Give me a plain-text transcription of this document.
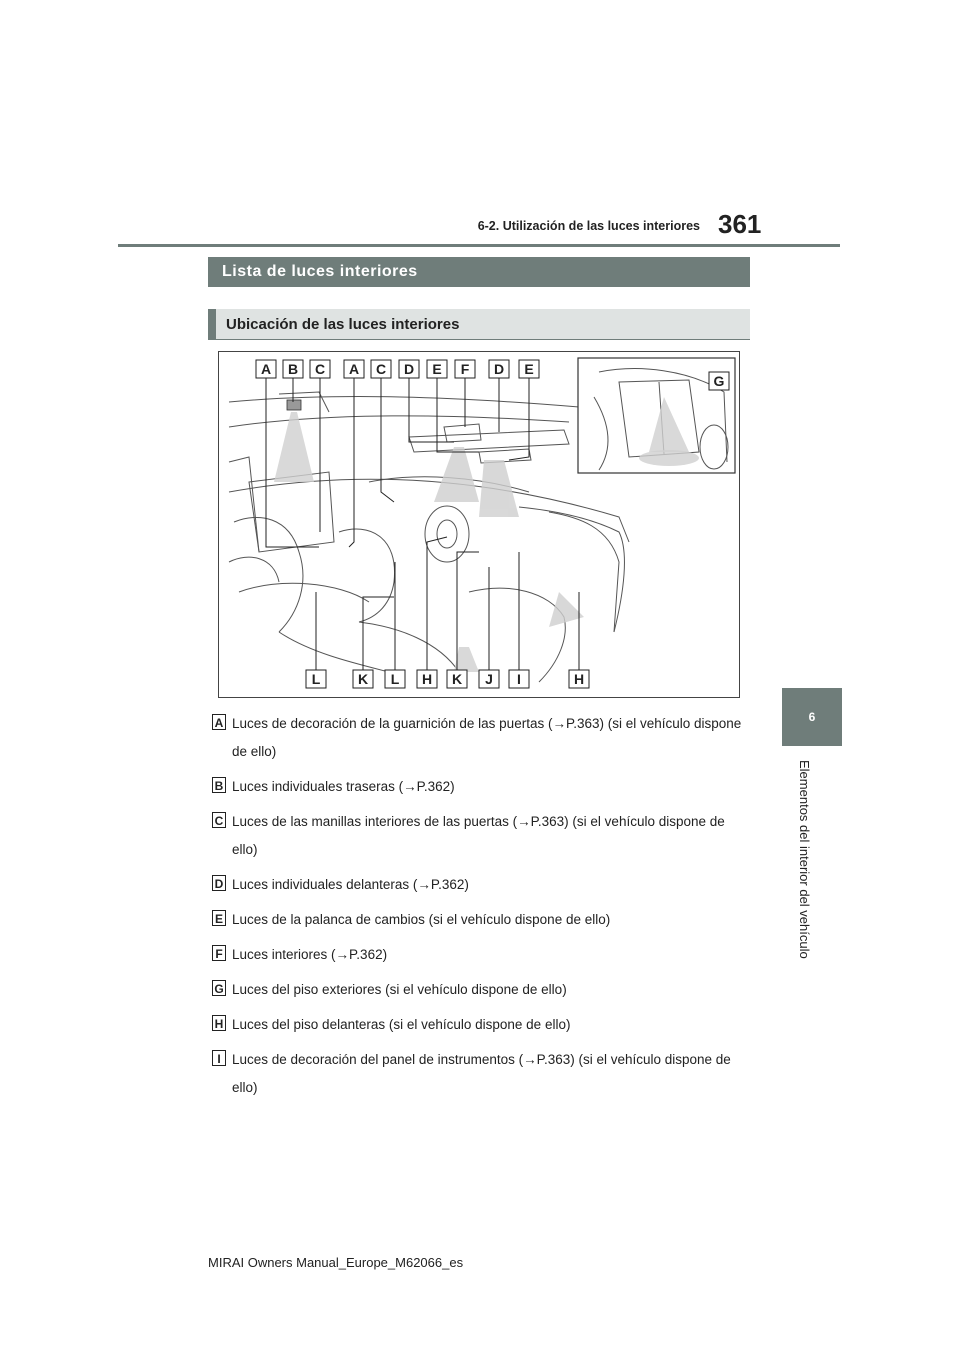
6-2. Utilización de las luces interiores 361
6
Elementos del interior del vehículo
Lista de luces interiores
Ubicación de las luces interiores
A B C A C D E F D E
G
L	K L H K J I	H
A Luces de decoración de la guarnición de las puertas (→P.363) (si el vehículo dispone de ello)
B Luces individuales traseras (→P.362)
C Luces de las manillas interiores de las puertas (→P.363) (si el vehículo dispone de ello)
D Luces individuales delanteras (→P.362)
E Luces de la palanca de cambios (si el vehículo dispone de ello)
F Luces interiores (→P.362)
G Luces del piso exteriores (si el vehículo dispone de ello)
H Luces del piso delanteras (si el vehículo dispone de ello)
I Luces de decoración del panel de instrumentos (→P.363) (si el vehículo dispone de ello)
MIRAI Owners Manual_Europe_M62066_es
